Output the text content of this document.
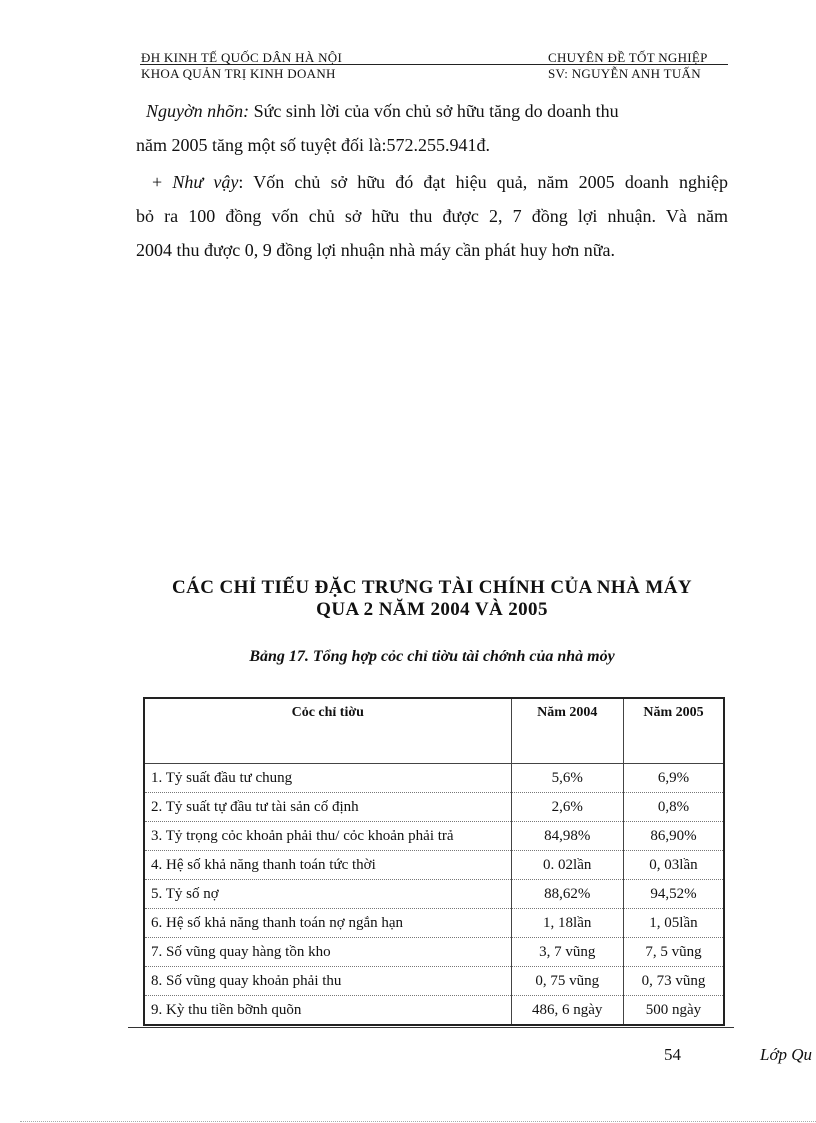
ĐH KINH TẾ QUỐC DÂN HÀ NỘI	CHUYÊN ĐỀ TỐT NGHIỆP
KHOA QUẢN TRỊ KINH DOANH	SV: NGUYỄN ANH TUẤN
Nguyờn nhõn: Sức sinh lời của vốn chủ sở hữu tăng do doanh thu
năm 2005 tăng một số tuyệt đối là:572.255.941đ.
+ Như vậy: Vốn chủ sở hữu đó đạt hiệu quả, năm 2005 doanh nghiệp
bỏ ra 100 đồng vốn chủ sở hữu thu được 2, 7 đồng lợi nhuận. Và năm
2004 thu được 0, 9 đồng lợi nhuận nhà máy cần phát huy hơn nữa.
CÁC CHỈ TIẾU ĐẶC TRƯNG TÀI CHÍNH CỦA NHÀ MÁY
QUA 2 NĂM 2004 VÀ 2005
Bảng 17. Tổng hợp cỏc chỉ tiờu tài chớnh của nhà mỏy
Cỏc chỉ tiờu	Năm 2004	Năm 2005
1. Tỷ suất đầu tư chung	5,6%	6,9%
2. Tỷ suất tự đầu tư tài sản cố định	2,6%	0,8%
3. Tỷ trọng cỏc khoản phải thu/ cỏc khoản phải trả	84,98%	86,90%
4. Hệ số khả năng thanh toán tức thời	0. 02lần	0, 03lần
5. Tỷ số nợ	88,62%	94,52%
6. Hệ số khả năng thanh toán nợ ngắn hạn	1, 18lần	1, 05lần
7. Số vũng quay hàng tồn kho	3, 7 vũng	7, 5 vũng
8. Số vũng quay khoản phải thu	0, 75 vũng	0, 73 vũng
9. Kỳ thu tiền bỡnh quõn	486, 6 ngày	500 ngày
54	Lớp Qu
